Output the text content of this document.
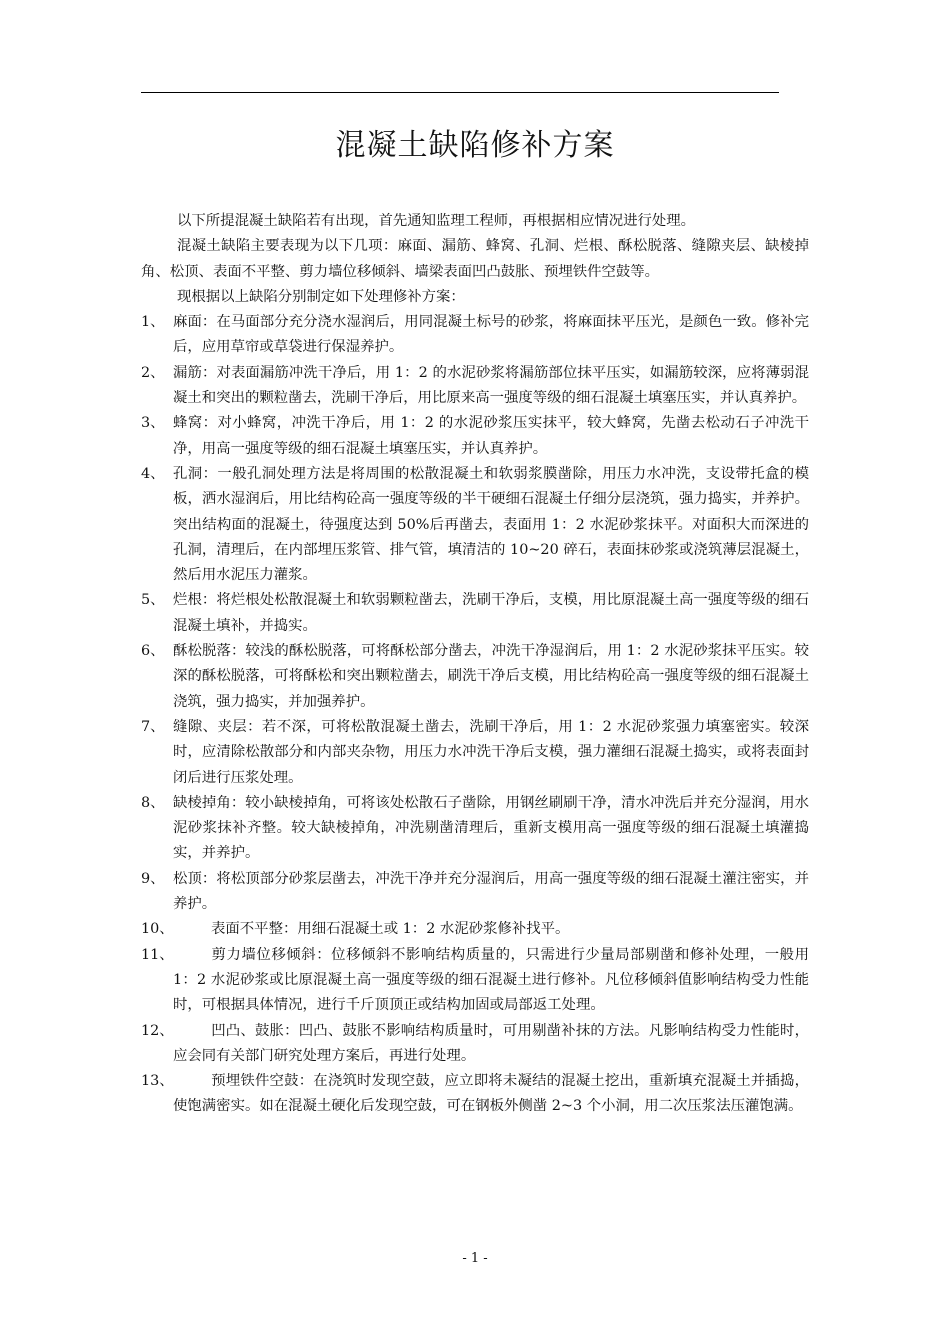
混凝土缺陷修补方案

以下所提混凝土缺陷若有出现，首先通知监理工程师，再根据相应情况进行处理。

混凝土缺陷主要表现为以下几项：麻面、漏筋、蜂窝、孔洞、烂根、酥松脱落、缝隙夹层、缺棱掉角、松顶、表面不平整、剪力墙位移倾斜、墙梁表面凹凸鼓胀、预埋铁件空鼓等。

现根据以上缺陷分别制定如下处理修补方案：

1、 麻面：在马面部分充分浇水湿润后，用同混凝土标号的砂浆，将麻面抹平压光，是颜色一致。修补完后，应用草帘或草袋进行保湿养护。
2、 漏筋：对表面漏筋冲洗干净后，用 1：2 的水泥砂浆将漏筋部位抹平压实，如漏筋较深，应将薄弱混凝土和突出的颗粒凿去，洗刷干净后，用比原来高一强度等级的细石混凝土填塞压实，并认真养护。
3、 蜂窝：对小蜂窝，冲洗干净后，用 1：2 的水泥砂浆压实抹平，较大蜂窝，先凿去松动石子冲洗干净，用高一强度等级的细石混凝土填塞压实，并认真养护。
4、 孔洞：一般孔洞处理方法是将周围的松散混凝土和软弱浆膜凿除，用压力水冲洗，支设带托盒的模板，洒水湿润后，用比结构砼高一强度等级的半干硬细石混凝土仔细分层浇筑，强力捣实，并养护。突出结构面的混凝土，待强度达到 50%后再凿去，表面用 1：2 水泥砂浆抹平。对面积大而深进的孔洞，清理后，在内部埋压浆管、排气管，填清洁的 10~20 碎石，表面抹砂浆或浇筑薄层混凝土，然后用水泥压力灌浆。
5、 烂根：将烂根处松散混凝土和软弱颗粒凿去，洗刷干净后，支模，用比原混凝土高一强度等级的细石混凝土填补，并捣实。
6、 酥松脱落：较浅的酥松脱落，可将酥松部分凿去，冲洗干净湿润后，用 1：2 水泥砂浆抹平压实。较深的酥松脱落，可将酥松和突出颗粒凿去，刷洗干净后支模，用比结构砼高一强度等级的细石混凝土浇筑，强力捣实，并加强养护。
7、 缝隙、夹层：若不深，可将松散混凝土凿去，洗刷干净后，用 1：2 水泥砂浆强力填塞密实。较深时，应清除松散部分和内部夹杂物，用压力水冲洗干净后支模，强力灌细石混凝土捣实，或将表面封闭后进行压浆处理。
8、 缺棱掉角：较小缺棱掉角，可将该处松散石子凿除，用钢丝刷刷干净，清水冲洗后并充分湿润，用水泥砂浆抹补齐整。较大缺棱掉角，冲洗剔凿清理后，重新支模用高一强度等级的细石混凝土填灌捣实，并养护。
9、 松顶：将松顶部分砂浆层凿去，冲洗干净并充分湿润后，用高一强度等级的细石混凝土灌注密实，并养护。
10、	表面不平整：用细石混凝土或 1：2 水泥砂浆修补找平。
11、	剪力墙位移倾斜：位移倾斜不影响结构质量的，只需进行少量局部剔凿和修补处理，一般用 1：2 水泥砂浆或比原混凝土高一强度等级的细石混凝土进行修补。凡位移倾斜值影响结构受力性能时，可根据具体情况，进行千斤顶顶正或结构加固或局部返工处理。
12、	凹凸、鼓胀：凹凸、鼓胀不影响结构质量时，可用剔凿补抹的方法。凡影响结构受力性能时，应会同有关部门研究处理方案后，再进行处理。
13、	预埋铁件空鼓：在浇筑时发现空鼓，应立即将未凝结的混凝土挖出，重新填充混凝土并插捣，使饱满密实。如在混凝土硬化后发现空鼓，可在钢板外侧凿 2~3 个小洞，用二次压浆法压灌饱满。
- 1 -
